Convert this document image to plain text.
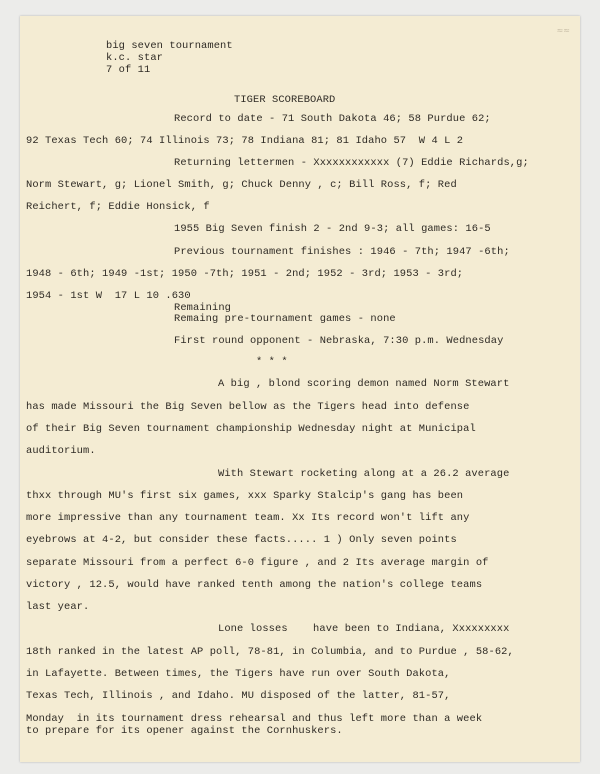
≈≈
big seven tournament
k.c. star
7 of 11
TIGER SCOREBOARD
Record to date - 71 South Dakota 46; 58 Purdue 62;
92 Texas Tech 60; 74 Illinois 73; 78 Indiana 81; 81 Idaho 57  W 4 L 2
Returning lettermen - Xxxxxxxxxxxx (7) Eddie Richards,g;
Norm Stewart, g; Lionel Smith, g; Chuck Denny , c; Bill Ross, f; Red
Reichert, f; Eddie Honsick, f
1955 Big Seven finish 2 - 2nd 9-3; all games: 16-5
Previous tournament finishes : 1946 - 7th; 1947 -6th;
1948 - 6th; 1949 -1st; 1950 -7th; 1951 - 2nd; 1952 - 3rd; 1953 - 3rd;
1954 - 1st W  17 L 10 .630
Remaining
Remaing pre-tournament games - none
First round opponent - Nebraska, 7:30 p.m. Wednesday
* * *
A big , blond scoring demon named Norm Stewart
has made Missouri the Big Seven bellow as the Tigers head into defense
of their Big Seven tournament championship Wednesday night at Municipal
auditorium.
With Stewart rocketing along at a 26.2 average
thxx through MU's first six games, xxx Sparky Stalcip's gang has been
more impressive than any tournament team. Xx Its record won't lift any
eyebrows at 4-2, but consider these facts..... 1 ) Only seven points
separate Missouri from a perfect 6-0 figure , and 2 Its average margin of
victory , 12.5, would have ranked tenth among the nation's college teams
last year.
Lone losses    have been to Indiana, Xxxxxxxxx
18th ranked in the latest AP poll, 78-81, in Columbia, and to Purdue , 58-62,
in Lafayette. Between times, the Tigers have run over South Dakota,
Texas Tech, Illinois , and Idaho. MU disposed of the latter, 81-57,
Monday  in its tournament dress rehearsal and thus left more than a week
to prepare for its opener against the Cornhuskers.
